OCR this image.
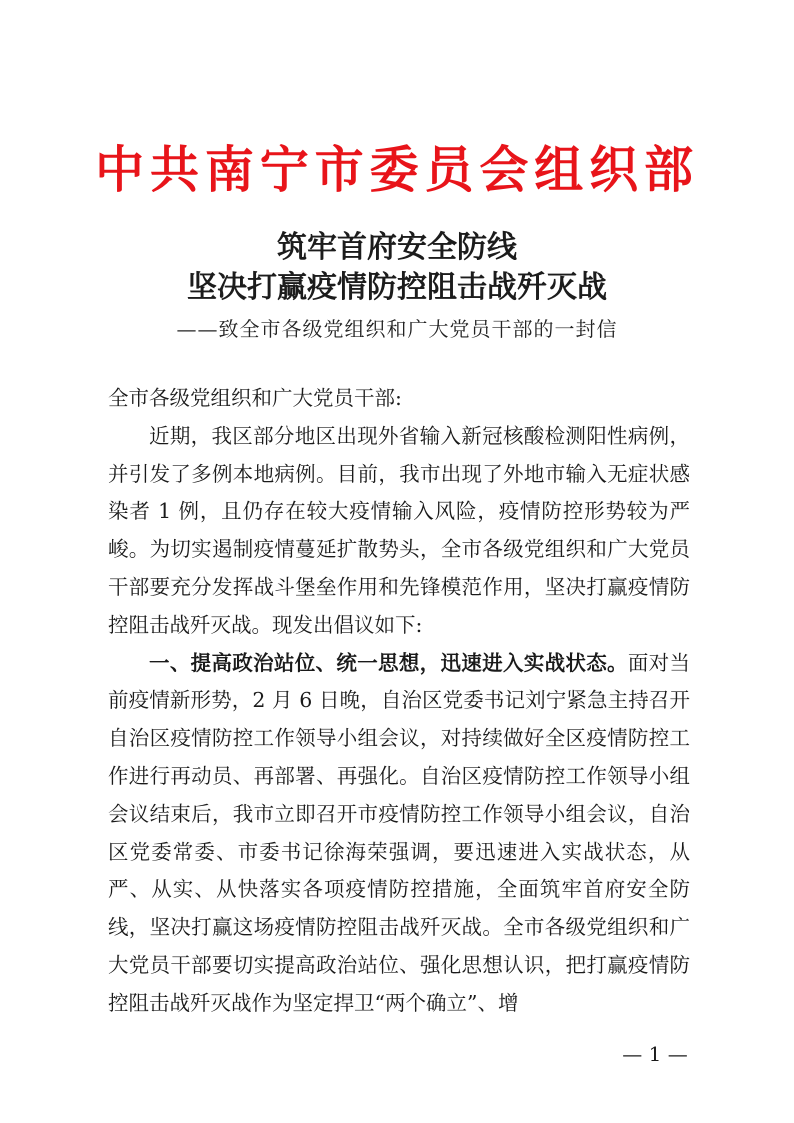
中共南宁市委员会组织部
筑牢首府安全防线
坚决打赢疫情防控阻击战歼灭战
——致全市各级党组织和广大党员干部的一封信

全市各级党组织和广大党员干部:

近期，我区部分地区出现外省输入新冠核酸检测阳性病例，并引发了多例本地病例。目前，我市出现了外地市输入无症状感染者 1 例，且仍存在较大疫情输入风险，疫情防控形势较为严峻。为切实遏制疫情蔓延扩散势头，全市各级党组织和广大党员干部要充分发挥战斗堡垒作用和先锋模范作用，坚决打赢疫情防控阻击战歼灭战。现发出倡议如下:

一、提高政治站位、统一思想，迅速进入实战状态。面对当前疫情新形势，2 月 6 日晚，自治区党委书记刘宁紧急主持召开自治区疫情防控工作领导小组会议，对持续做好全区疫情防控工作进行再动员、再部署、再强化。自治区疫情防控工作领导小组会议结束后，我市立即召开市疫情防控工作领导小组会议，自治区党委常委、市委书记徐海荣强调，要迅速进入实战状态，从严、从实、从快落实各项疫情防控措施，全面筑牢首府安全防线，坚决打赢这场疫情防控阻击战歼灭战。全市各级党组织和广大党员干部要切实提高政治站位、强化思想认识，把打赢疫情防控阻击战歼灭战作为坚定捍卫“两个确立”、增

— 1 —
